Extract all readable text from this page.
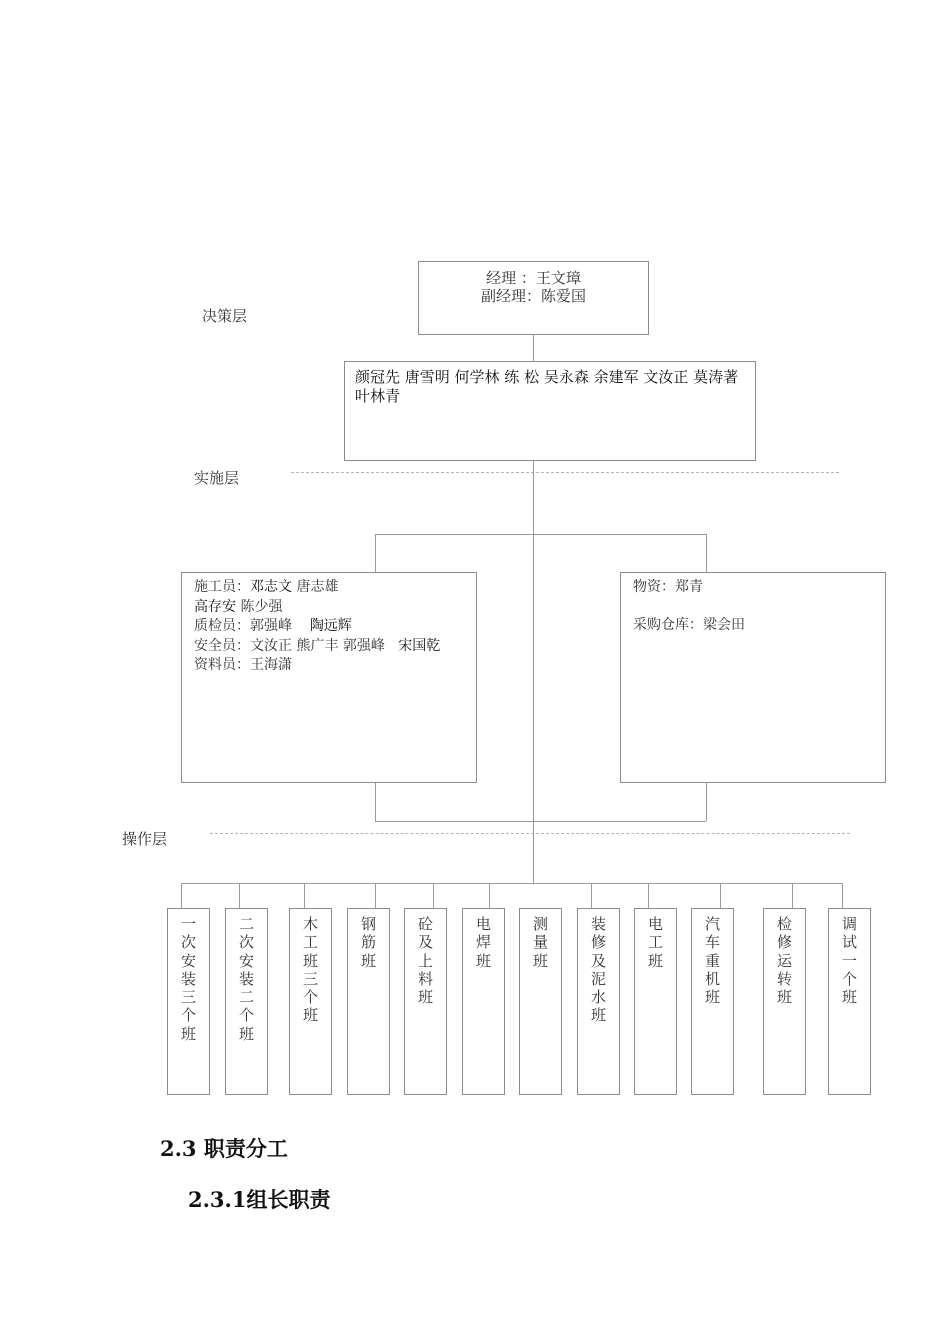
决策层
实施层
操作层
经理 ：王文璋
副经理：陈爱国
颜冠先 唐雪明 何学林 练 松 吴永森 余建军 文汝正 莫涛著 叶林青
施工员：邓志文 唐志雄
高存安 陈少强
质检员：郭强峰 陶远辉
安全员：文汝正 熊广丰 郭强峰 宋国乾
资料员：王海潇
物资：郑青
采购仓库：梁会田
一次安装三个班
二次安装二个班
木工班三个班
钢筋班
砼及上料班
电焊班
测量班
装修及泥水班
电工班
汽车重机班
检修运转班
调试一个班
2.3 职责分工
2.3.1组长职责
